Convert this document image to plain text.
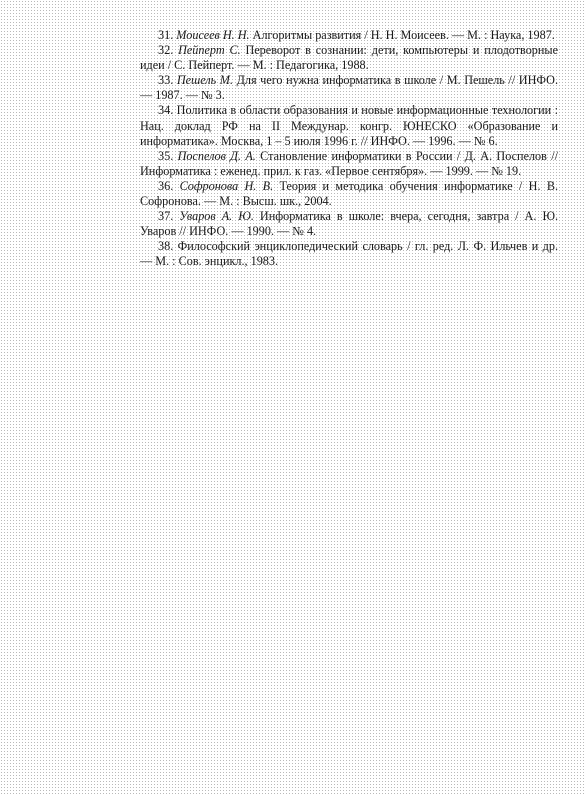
31. Моисеев Н. Н. Алгоритмы развития / Н. Н. Моисеев. — М. : Наука, 1987.
32. Пейперт С. Переворот в сознании: дети, компьютеры и плодотворные идеи / С. Пейперт. — М. : Педагогика, 1988.
33. Пешель М. Для чего нужна информатика в школе / М. Пешель // ИНФО. — 1987. — № 3.
34. Политика в области образования и новые информационные технологии : Нац. доклад РФ на II Междунар. конгр. ЮНЕСКО «Образование и информатика». Москва, 1 – 5 июля 1996 г. // ИНФО. — 1996. — № 6.
35. Поспелов Д. А. Становление информатики в России / Д. А. Поспелов // Информатика : еженед. прил. к газ. «Первое сентября». — 1999. — № 19.
36. Софронова Н. В. Теория и методика обучения информатике / Н. В. Софронова. — М. : Высш. шк., 2004.
37. Уваров А. Ю. Информатика в школе: вчера, сегодня, завтра / А. Ю. Уваров // ИНФО. — 1990. — № 4.
38. Философский энциклопедический словарь / гл. ред. Л. Ф. Ильчев и др. — М. : Сов. энцикл., 1983.
